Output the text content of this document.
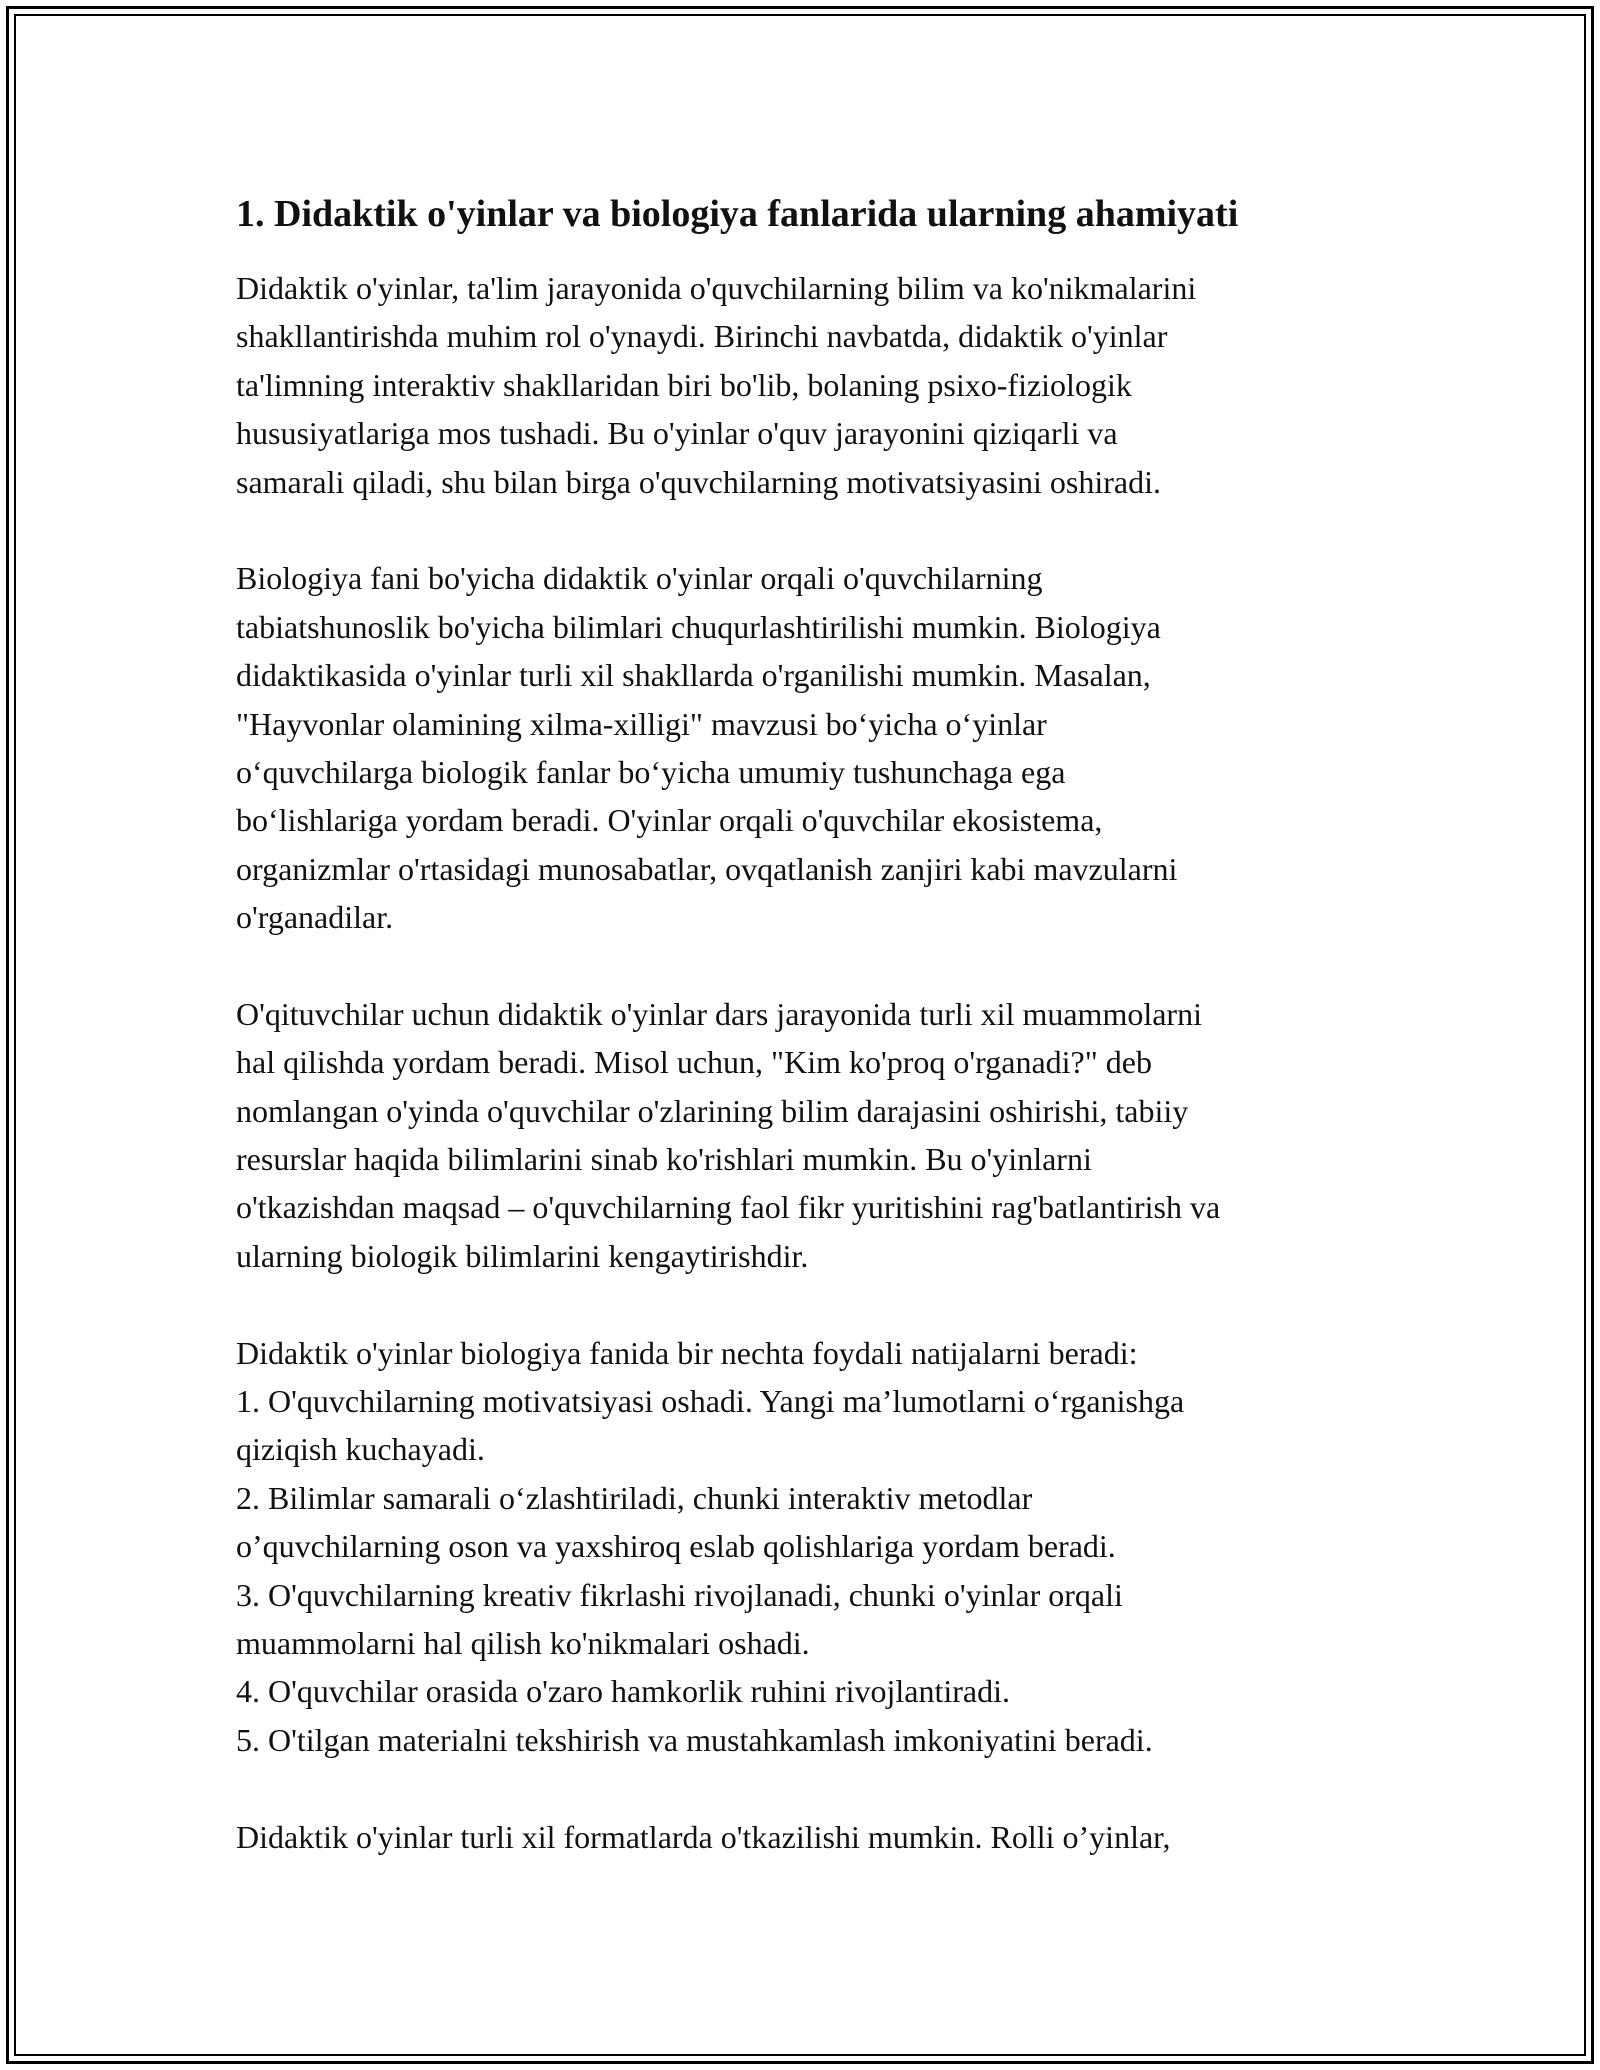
1. Didaktik o'yinlar va biologiya fanlarida ularning ahamiyati
Didaktik o'yinlar, ta'lim jarayonida o'quvchilarning bilim va ko'nikmalarini
shakllantirishda muhim rol o'ynaydi. Birinchi navbatda, didaktik o'yinlar
ta'limning interaktiv shakllaridan biri bo'lib, bolaning psixo-fiziologik
hususiyatlariga mos tushadi. Bu o'yinlar o'quv jarayonini qiziqarli va
samarali qiladi, shu bilan birga o'quvchilarning motivatsiyasini oshiradi.
Biologiya fani bo'yicha didaktik o'yinlar orqali o'quvchilarning
tabiatshunoslik bo'yicha bilimlari chuqurlashtirilishi mumkin. Biologiya
didaktikasida o'yinlar turli xil shakllarda o'rganilishi mumkin. Masalan,
"Hayvonlar olamining xilma-xilligi" mavzusi bo‘yicha o‘yinlar
o‘quvchilarga biologik fanlar bo‘yicha umumiy tushunchaga ega
bo‘lishlariga yordam beradi. O'yinlar orqali o'quvchilar ekosistema,
organizmlar o'rtasidagi munosabatlar, ovqatlanish zanjiri kabi mavzularni
o'rganadilar.
O'qituvchilar uchun didaktik o'yinlar dars jarayonida turli xil muammolarni
hal qilishda yordam beradi. Misol uchun, "Kim ko'proq o'rganadi?" deb
nomlangan o'yinda o'quvchilar o'zlarining bilim darajasini oshirishi, tabiiy
resurslar haqida bilimlarini sinab ko'rishlari mumkin. Bu o'yinlarni
o'tkazishdan maqsad – o'quvchilarning faol fikr yuritishini rag'batlantirish va
ularning biologik bilimlarini kengaytirishdir.
Didaktik o'yinlar biologiya fanida bir nechta foydali natijalarni beradi:
1. O'quvchilarning motivatsiyasi oshadi. Yangi ma’lumotlarni o‘rganishga
qiziqish kuchayadi.
2. Bilimlar samarali o‘zlashtiriladi, chunki interaktiv metodlar
o’quvchilarning oson va yaxshiroq eslab qolishlariga yordam beradi.
3. O'quvchilarning kreativ fikrlashi rivojlanadi, chunki o'yinlar orqali
muammolarni hal qilish ko'nikmalari oshadi.
4. O'quvchilar orasida o'zaro hamkorlik ruhini rivojlantiradi.
5. O'tilgan materialni tekshirish va mustahkamlash imkoniyatini beradi.
Didaktik o'yinlar turli xil formatlarda o'tkazilishi mumkin. Rolli o’yinlar,
